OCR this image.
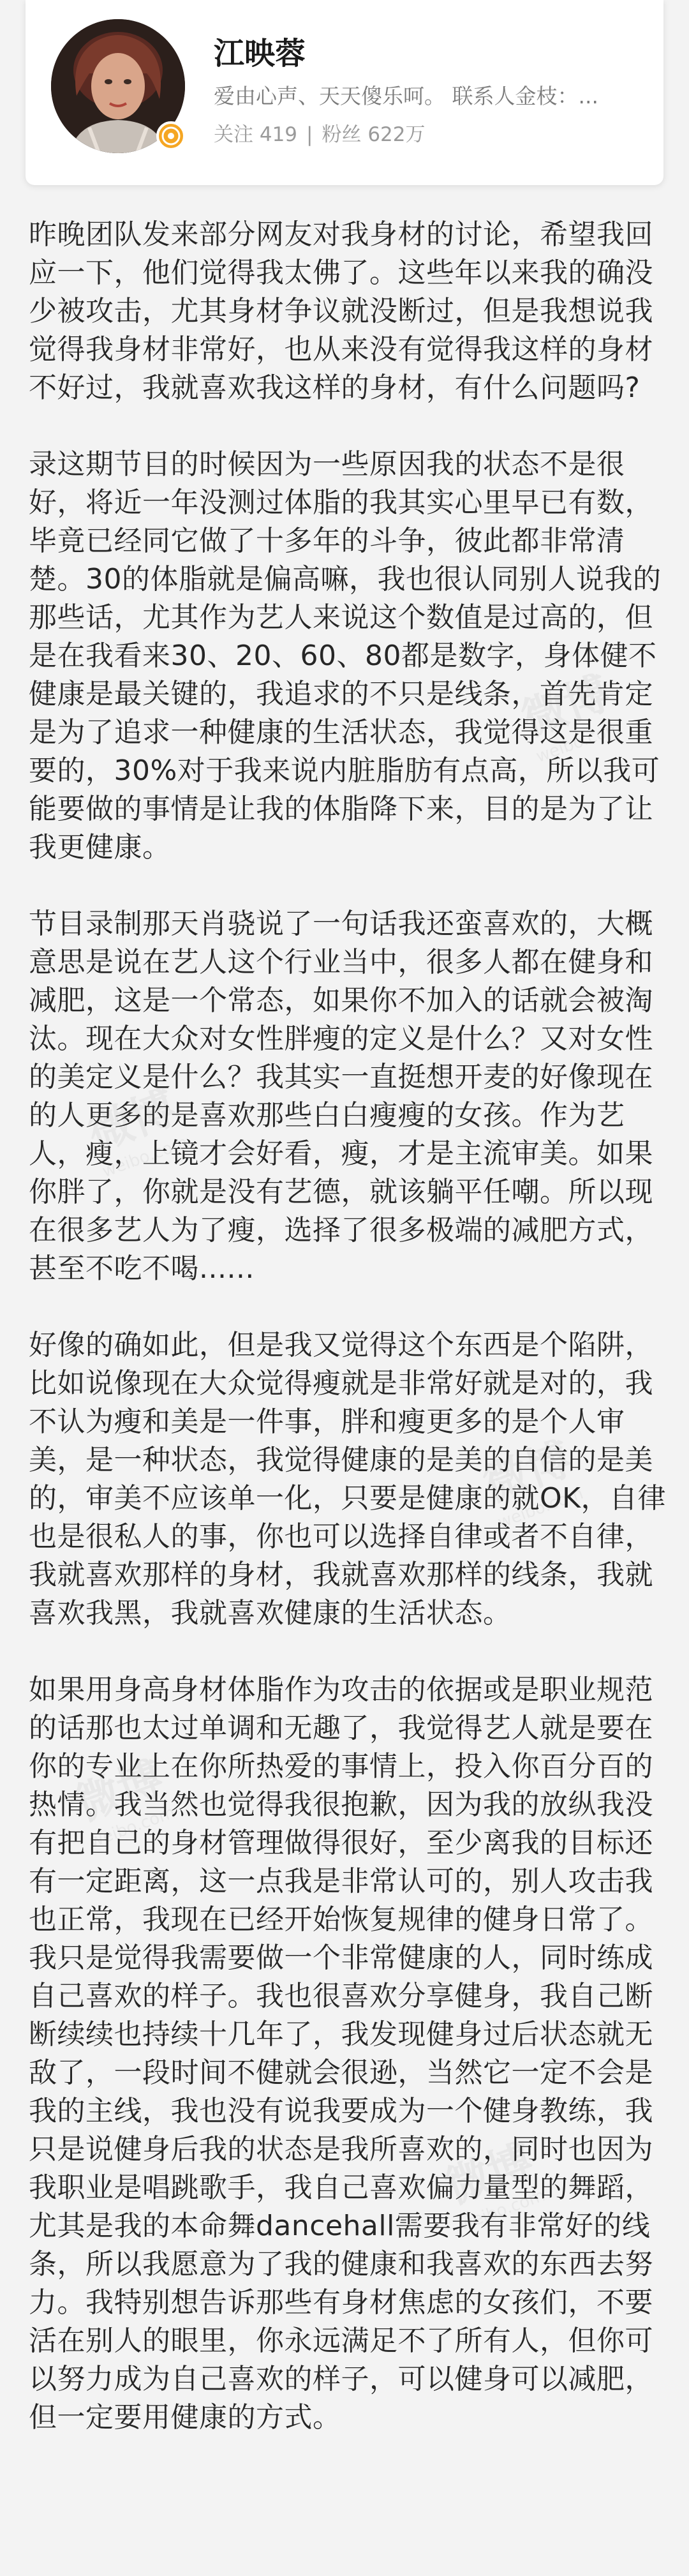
江映蓉
爱由心声、天天傻乐呵。 联系人金枝：...
关注 419 | 粉丝 622万

昨晚团队发来部分网友对我身材的讨论，希望我回应一下，他们觉得我太佛了。这些年以来我的确没少被攻击，尤其身材争议就没断过，但是我想说我觉得我身材非常好，也从来没有觉得我这样的身材不好过，我就喜欢我这样的身材，有什么问题吗?

录这期节目的时候因为一些原因我的状态不是很好，将近一年没测过体脂的我其实心里早已有数，毕竟已经同它做了十多年的斗争，彼此都非常清楚。30的体脂就是偏高嘛，我也很认同别人说我的那些话，尤其作为艺人来说这个数值是过高的，但是在我看来30、20、60、80都是数字，身体健不健康是最关键的，我追求的不只是线条，首先肯定是为了追求一种健康的生活状态，我觉得这是很重要的，30%对于我来说内脏脂肪有点高，所以我可能要做的事情是让我的体脂降下来，目的是为了让我更健康。

节目录制那天肖骁说了一句话我还蛮喜欢的，大概意思是说在艺人这个行业当中，很多人都在健身和减肥，这是一个常态，如果你不加入的话就会被淘汰。现在大众对女性胖瘦的定义是什么？又对女性的美定义是什么？我其实一直挺想开麦的好像现在的人更多的是喜欢那些白白瘦瘦的女孩。作为艺人，瘦，上镜才会好看，瘦，才是主流审美。如果你胖了，你就是没有艺德，就该躺平任嘲。所以现在很多艺人为了瘦，选择了很多极端的减肥方式，甚至不吃不喝......

好像的确如此，但是我又觉得这个东西是个陷阱，比如说像现在大众觉得瘦就是非常好就是对的，我不认为瘦和美是一件事，胖和瘦更多的是个人审美，是一种状态，我觉得健康的是美的自信的是美的，审美不应该单一化，只要是健康的就OK，自律也是很私人的事，你也可以选择自律或者不自律，我就喜欢那样的身材，我就喜欢那样的线条，我就喜欢我黑，我就喜欢健康的生活状态。

如果用身高身材体脂作为攻击的依据或是职业规范的话那也太过单调和无趣了，我觉得艺人就是要在你的专业上在你所热爱的事情上，投入你百分百的热情。我当然也觉得我很抱歉，因为我的放纵我没有把自己的身材管理做得很好，至少离我的目标还有一定距离，这一点我是非常认可的，别人攻击我也正常，我现在已经开始恢复规律的健身日常了。我只是觉得我需要做一个非常健康的人，同时练成自己喜欢的样子。我也很喜欢分享健身，我自己断断续续也持续十几年了，我发现健身过后状态就无敌了，一段时间不健就会很逊，当然它一定不会是我的主线，我也没有说我要成为一个健身教练，我只是说健身后我的状态是我所喜欢的，同时也因为我职业是唱跳歌手，我自己喜欢偏力量型的舞蹈，尤其是我的本命舞dancehall需要我有非常好的线条，所以我愿意为了我的健康和我喜欢的东西去努力。我特别想告诉那些有身材焦虑的女孩们，不要活在别人的眼里，你永远满足不了所有人，但你可以努力成为自己喜欢的样子，可以健身可以减肥，但一定要用健康的方式。
